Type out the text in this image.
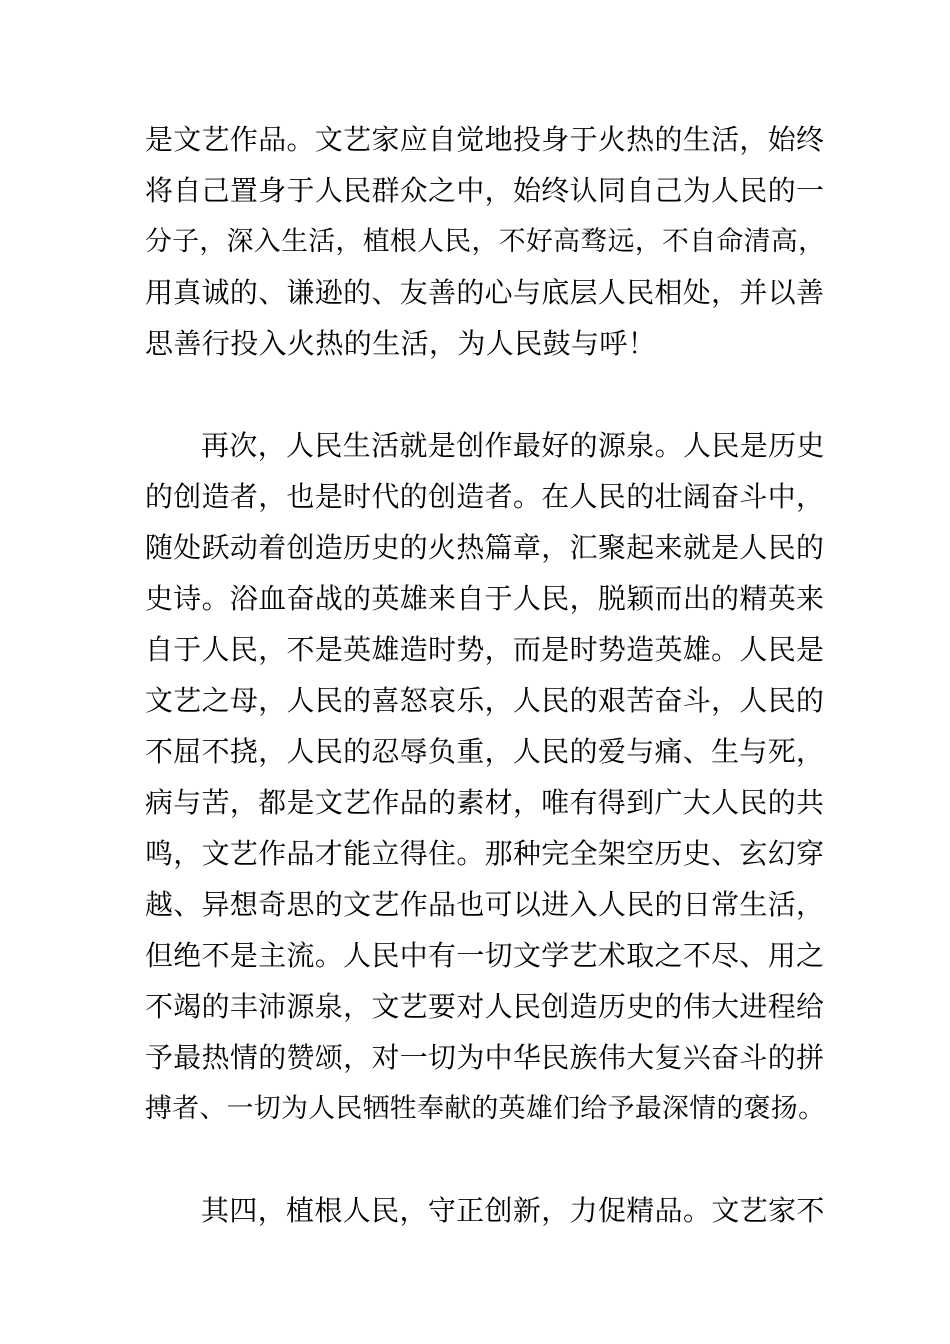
是文艺作品。文艺家应自觉地投身于火热的生活，始终
将自己置身于人民群众之中，始终认同自己为人民的一
分子，深入生活，植根人民，不好高骛远，不自命清高，
用真诚的、谦逊的、友善的心与底层人民相处，并以善
思善行投入火热的生活，为人民鼓与呼！

再次，人民生活就是创作最好的源泉。人民是历史
的创造者，也是时代的创造者。在人民的壮阔奋斗中，
随处跃动着创造历史的火热篇章，汇聚起来就是人民的
史诗。浴血奋战的英雄来自于人民，脱颖而出的精英来
自于人民，不是英雄造时势，而是时势造英雄。人民是
文艺之母，人民的喜怒哀乐，人民的艰苦奋斗，人民的
不屈不挠，人民的忍辱负重，人民的爱与痛、生与死，
病与苦，都是文艺作品的素材，唯有得到广大人民的共
鸣，文艺作品才能立得住。那种完全架空历史、玄幻穿
越、异想奇思的文艺作品也可以进入人民的日常生活，
但绝不是主流。人民中有一切文学艺术取之不尽、用之
不竭的丰沛源泉，文艺要对人民创造历史的伟大进程给
予最热情的赞颂，对一切为中华民族伟大复兴奋斗的拼
搏者、一切为人民牺牲奉献的英雄们给予最深情的褒扬。

其四，植根人民，守正创新，力促精品。文艺家不
